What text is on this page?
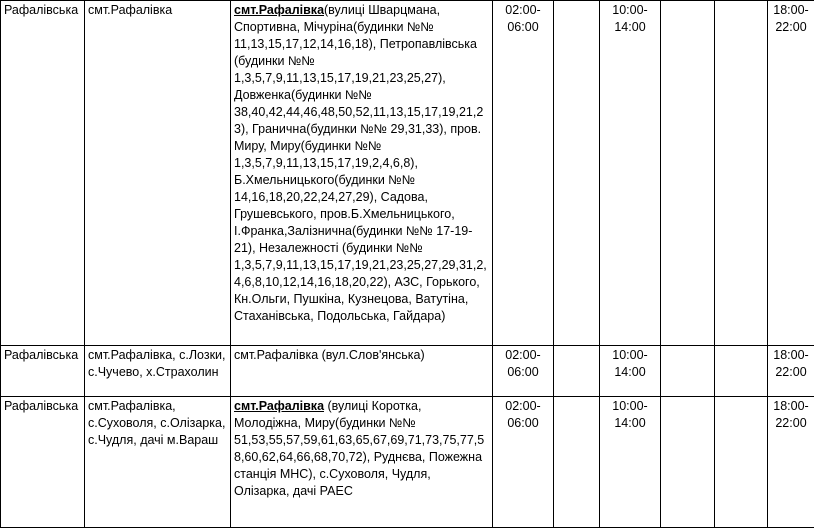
Рафалівська	смт.Рафалівка	смт.Рафалівка(вулиці Шварцмана, Спортивна, Мічуріна(будинки №№ 11,13,15,17,12,14,16,18), Петропавлівська (будинки №№ 1,3,5,7,9,11,13,15,17,19,21,23,25,27), Довженка(будинки №№ 38,40,42,44,46,48,50,52,11,13,15,17,19,21,23), Гранична(будинки №№ 29,31,33), пров. Миру, Миру(будинки №№ 1,3,5,7,9,11,13,15,17,19,2,4,6,8), Б.Хмельницького(будинки №№ 14,16,18,20,22,24,27,29), Садова, Грушевського, пров.Б.Хмельницького, І.Франка,Залізнична(будинки №№ 17-19-21), Незалежності (будинки №№ 1,3,5,7,9,11,13,15,17,19,21,23,25,27,29,31,2,4,6,8,10,12,14,16,18,20,22), АЗС, Горького, Кн.Ольги, Пушкіна, Кузнецова, Ватутіна, Стаханівська, Подольська, Гайдара)	02:00-
06:00		10:00-
14:00			18:00-
22:00

Рафалівська	смт.Рафалівка, с.Лозки, с.Чучево, х.Страхолин	смт.Рафалівка (вул.Слов'янська)	02:00-
06:00		10:00-
14:00			18:00-
22:00

Рафалівська	смт.Рафалівка, с.Суховоля, с.Олізарка, с.Чудля, дачі м.Вараш	смт.Рафалівка (вулиці Коротка, Молодіжна, Миру(будинки №№ 51,53,55,57,59,61,63,65,67,69,71,73,75,77,58,60,62,64,66,68,70,72), Руднєва, Пожежна станція МНС), с.Суховоля, Чудля, Олізарка, дачі РАЕС	02:00-
06:00		10:00-
14:00			18:00-
22:00
